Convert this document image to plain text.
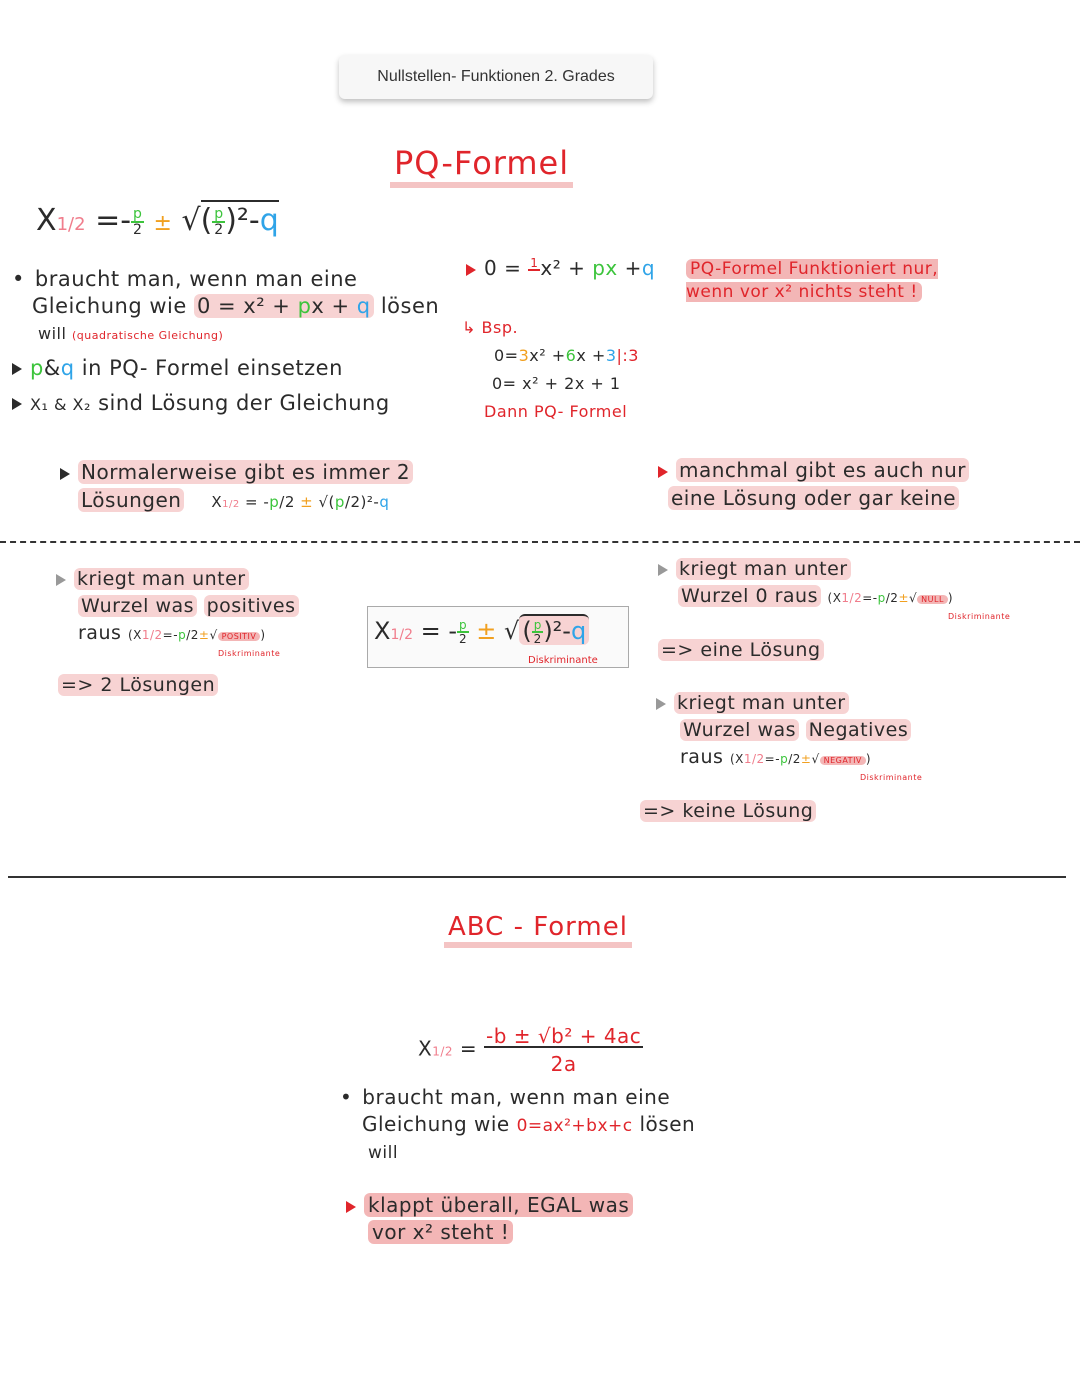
Nullstellen- Funktionen 2. Grades
PQ-Formel
$X1/2 =- \frac{p}{2}$ ± √( $\frac{p}{2} )^2-q$
• braucht man, wenn man eine
Gleichung wie 0 = x² + px + q lösen
will (quadratische Gleichung)
p&q in PQ- Formel einsetzen
X₁ & X₂ sind Lösung der Gleichung
0 = 1
x² + px +q
↳ Bsp.
0=3x² +6x +3|:3
0= x² + 2x + 1
Dann PQ- Formel
PQ-Formel Funktioniert nur, wenn vor x² nichts steht !
Normalerweise gibt es immer 2
Lösungen X1/2 = -p/2 ± √(p/2)²-q
manchmal gibt es auch nur
eine Lösung oder gar keine
kriegt man unter
Wurzel was positives
raus (X1/2=-p/2±√ POSITIV )
Diskriminante
=> 2 Lösungen
X1/2 = - $\frac{p}{2}$ ± √ ( $\frac{p}{2} )^2-q$
Diskriminante
kriegt man unter
Wurzel 0 raus (X1/2=-p/2±√ NULL )
Diskriminante
=> eine Lösung
kriegt man unter
Wurzel was Negatives
raus (X1/2=-p/2±√ NEGATIV )
Diskriminante
=> keine Lösung
ABC - Formel
$X1/2 = \frac{\text{-b ± √b² + 4ac}}{2a}$
• braucht man, wenn man eine
Gleichung wie 0=ax²+bx+c lösen
will
klappt überall, EGAL was
vor x² steht !
